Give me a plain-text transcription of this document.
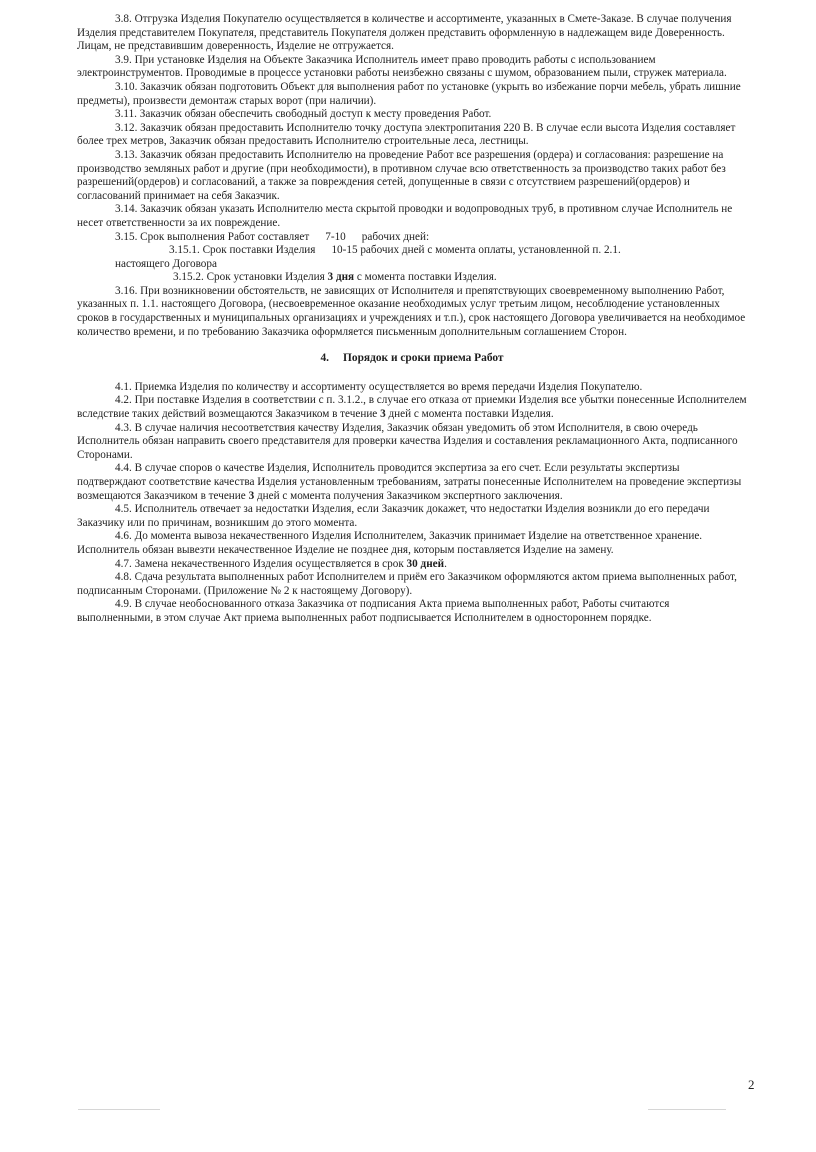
3.8. Отгрузка Изделия Покупателю осуществляется в количестве и ассортименте, указанных в Смете-Заказе. В случае получения Изделия представителем Покупателя, представитель Покупателя должен представить оформленную в надлежащем виде Доверенность. Лицам, не представившим доверенность, Изделие не отгружается.

3.9. При установке Изделия на Объекте Заказчика Исполнитель имеет право проводить работы с использованием электроинструментов. Проводимые в процессе установки работы неизбежно связаны с шумом, образованием пыли, стружек материала.

3.10. Заказчик обязан подготовить Объект для выполнения работ по установке (укрыть во избежание порчи мебель, убрать лишние предметы), произвести демонтаж старых ворот (при наличии).

3.11. Заказчик обязан обеспечить свободный доступ к месту проведения Работ.

3.12. Заказчик обязан предоставить Исполнителю точку доступа электропитания 220 В. В случае если высота Изделия составляет более трех метров, Заказчик обязан предоставить Исполнителю строительные леса, лестницы.

3.13. Заказчик обязан предоставить Исполнителю на проведение Работ все разрешения (ордера) и согласования: разрешение на производство земляных работ и другие (при необходимости), в противном случае всю ответственность за производство таких работ без разрешений(ордеров) и согласований, а также за повреждения сетей, допущенные в связи с отсутствием разрешений(ордеров) и согласований принимает на себя Заказчик.

3.14. Заказчик обязан указать Исполнителю места скрытой проводки и водопроводных труб, в противном случае Исполнитель не несет ответственности за их повреждение.

3.15. Срок выполнения Работ составляет 7-10 рабочих дней:

3.15.1. Срок поставки Изделия 10-15 рабочих дней с момента оплаты, установленной п. 2.1.

настоящего Договора

3.15.2. Срок установки Изделия 3 дня с момента поставки Изделия.

3.16. При возникновении обстоятельств, не зависящих от Исполнителя и препятствующих своевременному выполнению Работ, указанных п. 1.1. настоящего Договора, (несвоевременное оказание необходимых услуг третьим лицом, несоблюдение установленных сроков в государственных и муниципальных организациях и учреждениях и т.п.), срок настоящего Договора увеличивается на необходимое количество времени, и по требованию Заказчика оформляется письменным дополнительным соглашением Сторон.

4. Порядок и сроки приема Работ

4.1. Приемка Изделия по количеству и ассортименту осуществляется во время передачи Изделия Покупателю.

4.2. При поставке Изделия в соответствии с п. 3.1.2., в случае его отказа от приемки Изделия все убытки понесенные Исполнителем вследствие таких действий возмещаются Заказчиком в течение 3 дней с момента поставки Изделия.

4.3. В случае наличия несоответствия качеству Изделия, Заказчик обязан уведомить об этом Исполнителя, в свою очередь Исполнитель обязан направить своего представителя для проверки качества Изделия и составления рекламационного Акта, подписанного Сторонами.

4.4. В случае споров о качестве Изделия, Исполнитель проводится экспертиза за его счет. Если результаты экспертизы подтверждают соответствие качества Изделия установленным требованиям, затраты понесенные Исполнителем на проведение экспертизы возмещаются Заказчиком в течение 3 дней с момента получения Заказчиком экспертного заключения.

4.5. Исполнитель отвечает за недостатки Изделия, если Заказчик докажет, что недостатки Изделия возникли до его передачи Заказчику или по причинам, возникшим до этого момента.

4.6. До момента вывоза некачественного Изделия Исполнителем, Заказчик принимает Изделие на ответственное хранение. Исполнитель обязан вывезти некачественное Изделие не позднее дня, которым поставляется Изделие на замену.

4.7. Замена некачественного Изделия осуществляется в срок 30 дней.

4.8. Сдача результата выполненных работ Исполнителем и приём его Заказчиком оформляются актом приема выполненных работ, подписанным Сторонами. (Приложение № 2 к настоящему Договору).

4.9. В случае необоснованного отказа Заказчика от подписания Акта приема выполненных работ, Работы считаются выполненными, в этом случае Акт приема выполненных работ подписывается Исполнителем в одностороннем порядке.

2
